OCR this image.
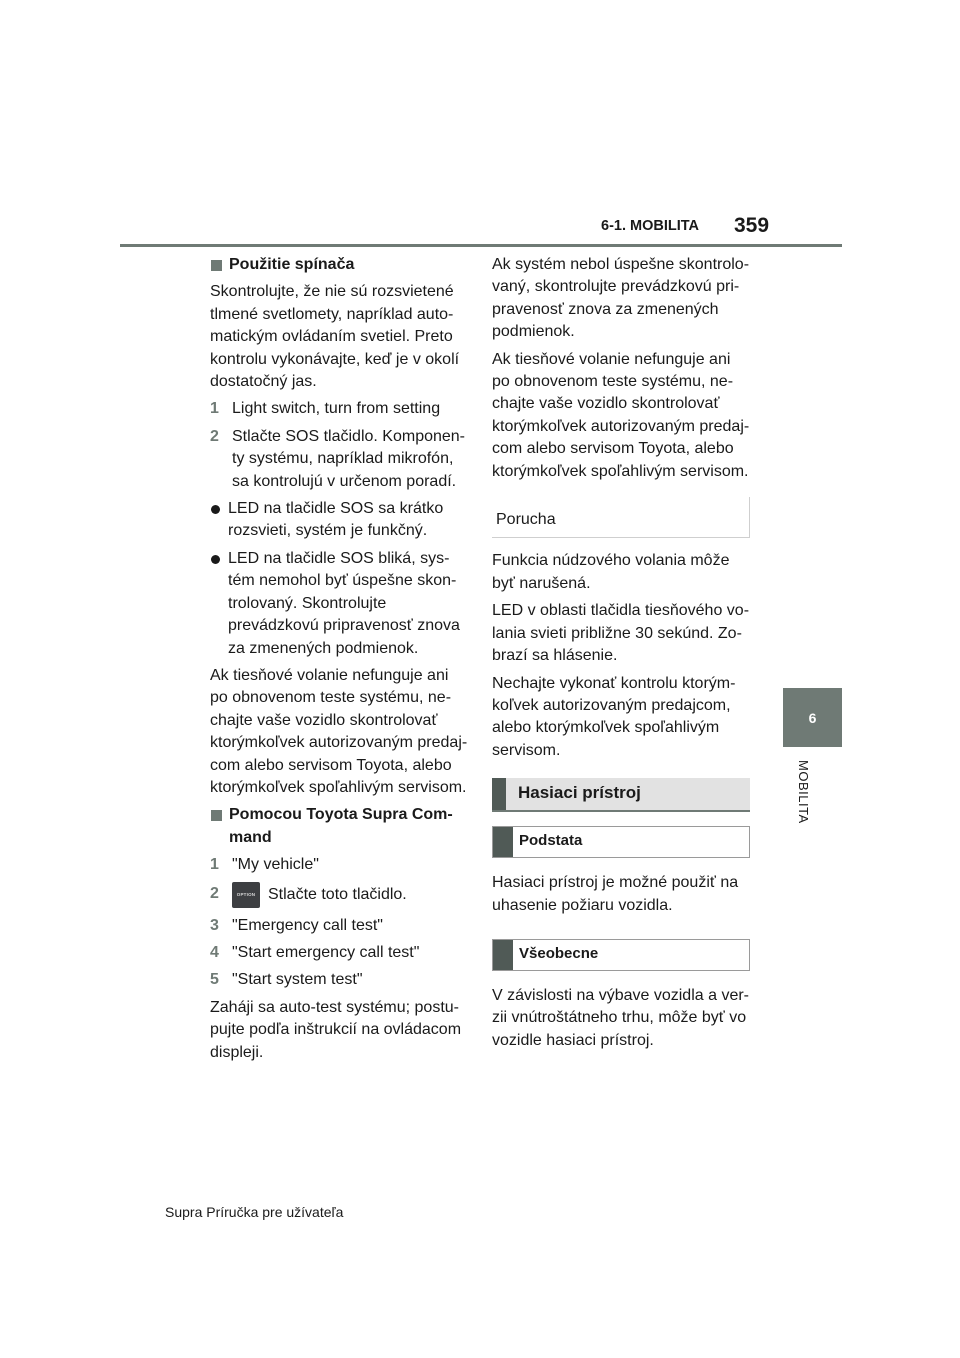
6-1. MOBILITA 359
6
MOBILITA
Použitie spínača

Skontrolujte, že nie sú rozsvietené tlmené svetlomety, napríklad auto-matickým ovládaním svetiel. Preto kontrolu vykonávajte, keď je v okolí dostatočný jas.

1 Light switch, turn from setting
2 Stlačte SOS tlačidlo. Komponen-ty systému, napríklad mikrofón, sa kontrolujú v určenom poradí.
LED na tlačidle SOS sa krátko rozsvieti, systém je funkčný.
LED na tlačidle SOS bliká, sys-tém nemohol byť úspešne skon-trolovaný. Skontrolujte prevádzkovú pripravenosť znova za zmenených podmienok.

Ak tiesňové volanie nefunguje ani po obnovenom teste systému, ne-chajte vaše vozidlo skontrolovať ktorýmkoľvek autorizovaným predaj-com alebo servisom Toyota, alebo ktorýmkoľvek spoľahlivým servisom.

Pomocou Toyota Supra Com-mand
1 "My vehicle"
2	OPTION Stlačte toto tlačidlo.
3 "Emergency call test"
4 "Start emergency call test"
5 "Start system test"

Zaháji sa auto-test systému; postu-pujte podľa inštrukcií na ovládacom displeji.

Ak systém nebol úspešne skontrolo-vaný, skontrolujte prevádzkovú pri-pravenosť znova za zmenených podmienok.

Ak tiesňové volanie nefunguje ani po obnovenom teste systému, ne-chajte vaše vozidlo skontrolovať ktorýmkoľvek autorizovaným predaj-com alebo servisom Toyota, alebo ktorýmkoľvek spoľahlivým servisom.

Porucha

Funkcia núdzového volania môže byť narušená.

LED v oblasti tlačidla tiesňového vo-lania svieti približne 30 sekúnd. Zo-brazí sa hlásenie.

Nechajte vykonať kontrolu ktorým-koľvek autorizovaným predajcom, alebo ktorýmkoľvek spoľahlivým servisom.

Hasiaci prístroj
Podstata

Hasiaci prístroj je možné použiť na uhasenie požiaru vozidla.

Všeobecne

V závislosti na výbave vozidla a ver-zii vnútroštátneho trhu, môže byť vo vozidle hasiaci prístroj.

Supra Príručka pre užívateľa
